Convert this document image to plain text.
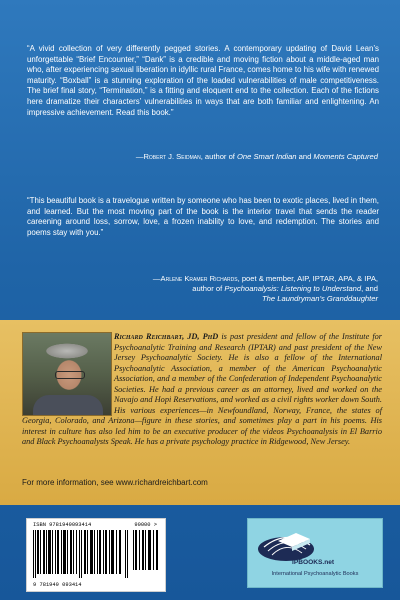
“A vivid collection of very differently pegged stories. A contemporary updating of David Lean’s unforgettable “Brief Encounter,” “Dank” is a credible and moving fiction about a middle-aged man who, after experiencing sexual liberation in idyllic rural France, comes home to his wife with renewed maturity. “Boxball” is a stunning exploration of the loaded vulnerabilities of male competitiveness. The brief final story, “Termination,” is a fitting and eloquent end to the collection. Each of the fictions here dramatize their characters’ vulnerabilities in ways that are both familiar and enlightening. An impressive achievement. Read this book.”
—Robert J. Seidman, author of One Smart Indian and Moments Captured
“This beautiful book is a travelogue written by someone who has been to exotic places, lived in them, and learned. But the most moving part of the book is the interior travel that sends the reader careening around loss, sorrow, love, a frozen inability to love, and redemption. The stories and poems stay with you.”
—Arlene Kramer Richards, poet & member, AIP, IPTAR, APA, & IPA,
author of Psychoanalysis: Listening to Understand, and
The Laundryman’s Granddaughter
Richard Reichbart, JD, PhD is past president and fellow of the Institute for Psychoanalytic Training and Research (IPTAR) and past president of the New Jersey Psychoanalytic Society. He is also a fellow of the International Psychoanalytic Association, a member of the American Psychoanalytic Association, and a member of the Confederation of Independent Psychoanalytic Societies. He had a previous career as an attorney, lived and worked on the Navajo and Hopi Reservations, and worked as a civil rights worker down South. His various experiences—in Newfoundland, Norway, France, the states of Georgia, Colorado, and Arizona—figure in these stories, and sometimes play a part in his poems. His interest in culture has also led him to be an executive producer of the videos Psychoanalysis in El Barrio and Black Psychoanalysts Speak. He has a private psychology practice in Ridgewood, New Jersey.
For more information, see www.richardreichbart.com
ISBN 9781949093414	90000 >
9 781949 093414
IPBOOKS.net
International Psychoanalytic Books
